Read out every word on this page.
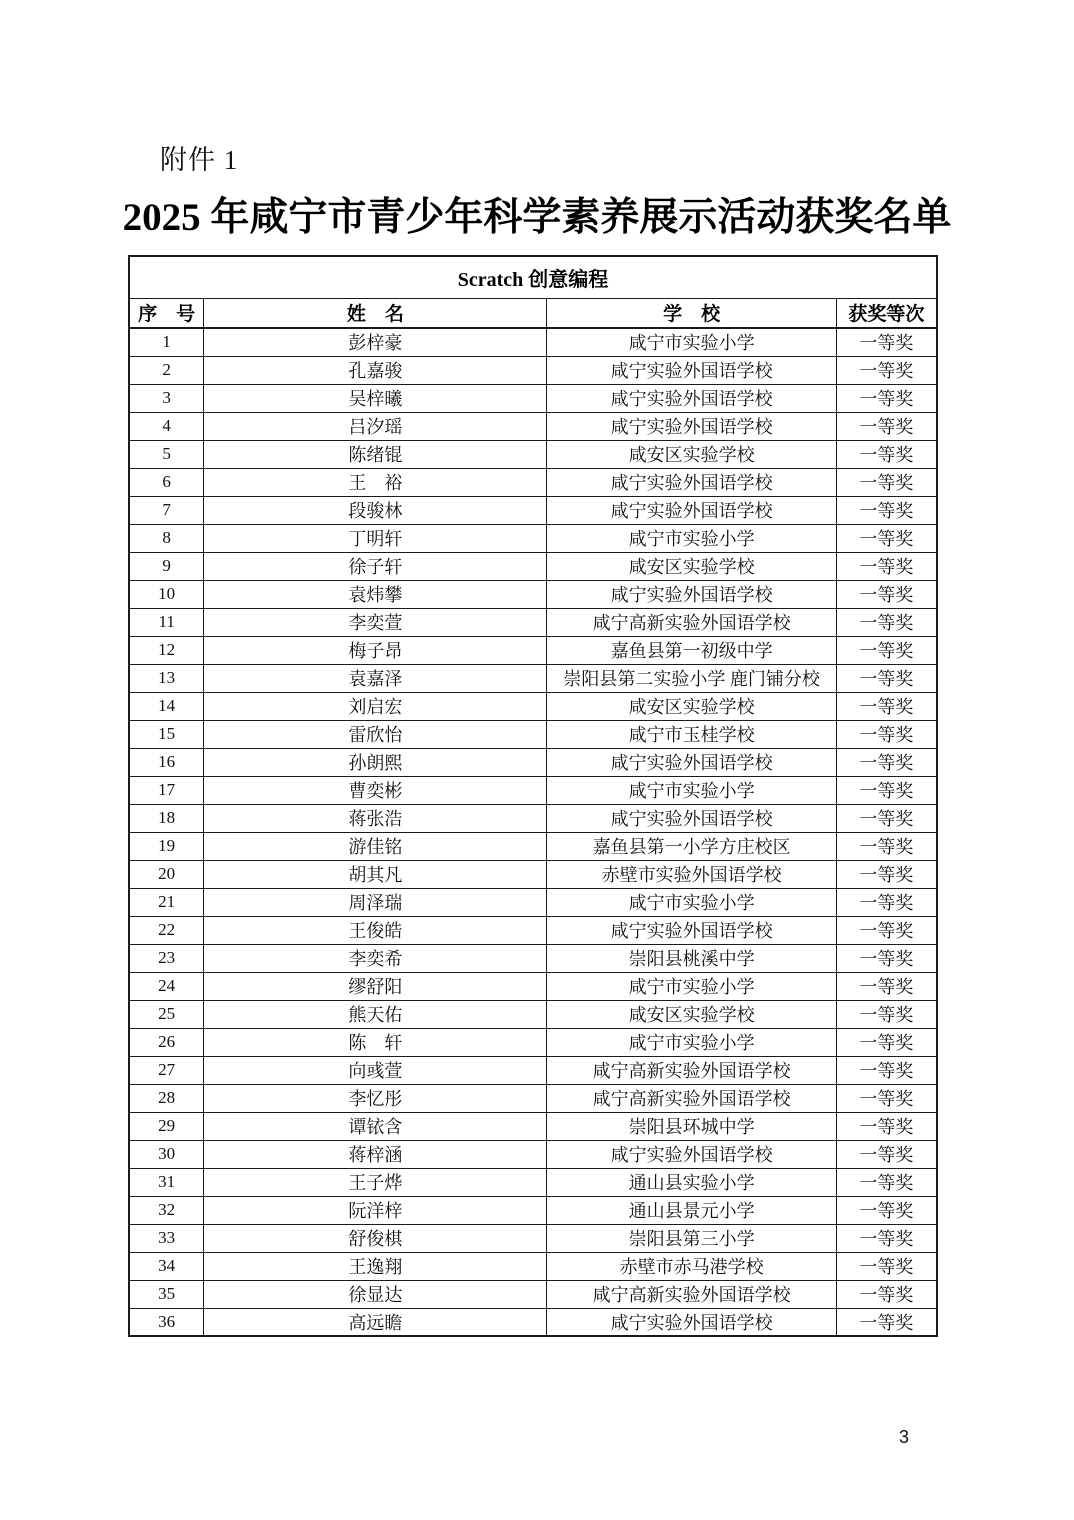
附件 1
2025 年咸宁市青少年科学素养展示活动获奖名单
Scratch 创意编程			
序　号	姓　名	学　校	获奖等次
1	彭梓豪	咸宁市实验小学	一等奖
2	孔嘉骏	咸宁实验外国语学校	一等奖
3	吴梓曦	咸宁实验外国语学校	一等奖
4	吕汐瑶	咸宁实验外国语学校	一等奖
5	陈绪锟	咸安区实验学校	一等奖
6	王　裕	咸宁实验外国语学校	一等奖
7	段骏林	咸宁实验外国语学校	一等奖
8	丁明轩	咸宁市实验小学	一等奖
9	徐子轩	咸安区实验学校	一等奖
10	袁炜攀	咸宁实验外国语学校	一等奖
11	李奕萱	咸宁高新实验外国语学校	一等奖
12	梅子昂	嘉鱼县第一初级中学	一等奖
13	袁嘉泽	崇阳县第二实验小学 鹿门铺分校	一等奖
14	刘启宏	咸安区实验学校	一等奖
15	雷欣怡	咸宁市玉桂学校	一等奖
16	孙朗熙	咸宁实验外国语学校	一等奖
17	曹奕彬	咸宁市实验小学	一等奖
18	蒋张浩	咸宁实验外国语学校	一等奖
19	游佳铭	嘉鱼县第一小学方庄校区	一等奖
20	胡其凡	赤壁市实验外国语学校	一等奖
21	周泽瑞	咸宁市实验小学	一等奖
22	王俊皓	咸宁实验外国语学校	一等奖
23	李奕希	崇阳县桃溪中学	一等奖
24	缪舒阳	咸宁市实验小学	一等奖
25	熊天佑	咸安区实验学校	一等奖
26	陈　轩	咸宁市实验小学	一等奖
27	向彧萱	咸宁高新实验外国语学校	一等奖
28	李忆彤	咸宁高新实验外国语学校	一等奖
29	谭铱含	崇阳县环城中学	一等奖
30	蒋梓涵	咸宁实验外国语学校	一等奖
31	王子烨	通山县实验小学	一等奖
32	阮洋梓	通山县景元小学	一等奖
33	舒俊棋	崇阳县第三小学	一等奖
34	王逸翔	赤壁市赤马港学校	一等奖
35	徐显达	咸宁高新实验外国语学校	一等奖
36	高远瞻	咸宁实验外国语学校	一等奖
3
